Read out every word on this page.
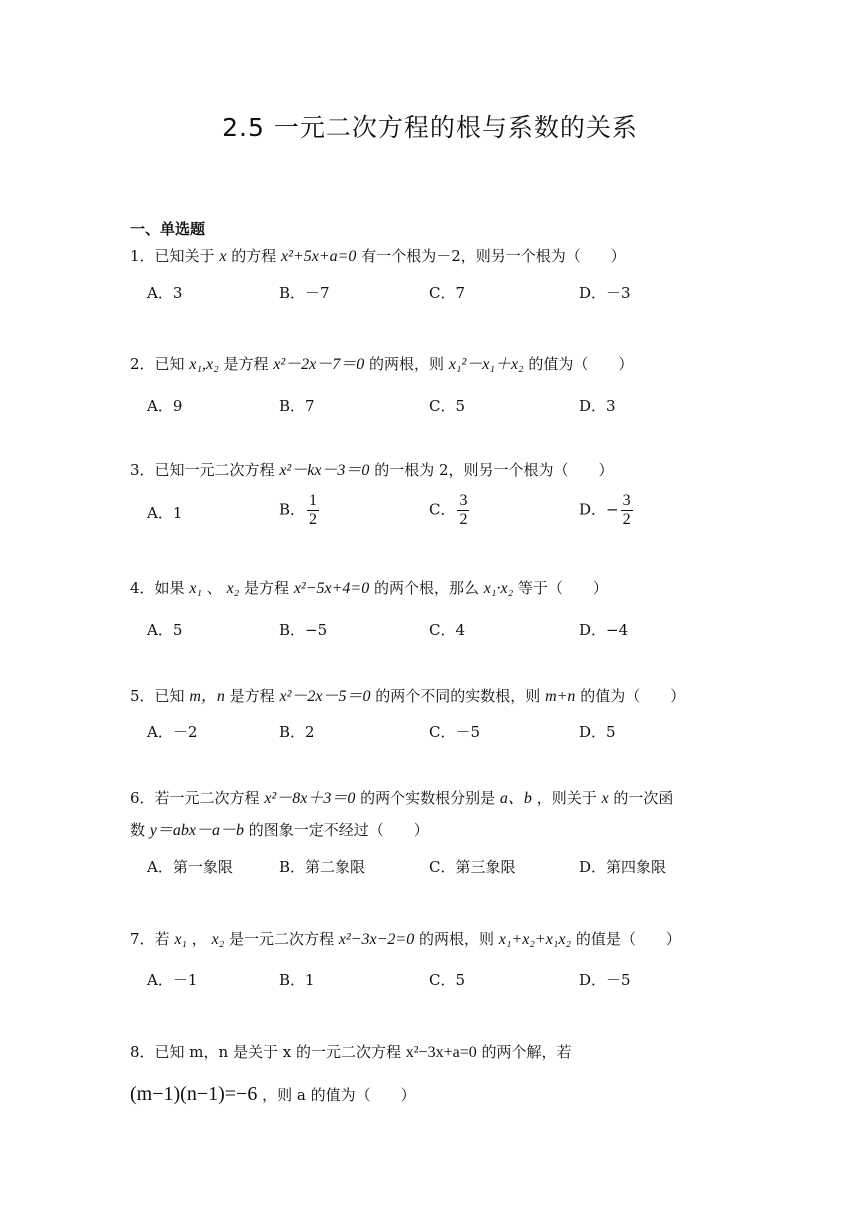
2.5 一元二次方程的根与系数的关系
一、单选题
1．已知关于 x 的方程 x²+5x+a=0 有一个根为－2，则另一个根为（　　）
A．3	B．－7	C．7	D．－3
2．已知 x₁,x₂ 是方程 x²－2x－7＝0 的两根，则 x₁²－x₁＋x₂ 的值为（　　）
A．9	B．7	C．5	D．3
3．已知一元二次方程 x²－kx－3＝0 的一根为 2，则另一个根为（　　）
A．1	B． $\frac{1}{2}$	C． $\frac{3}{2}$	D．− $\frac{3}{2}$
4．如果 x₁ 、 x₂ 是方程 x²−5x+4=0 的两个根，那么 x₁·x₂ 等于（　　）
A．5	B．−5	C．4	D．−4
5．已知 m，n 是方程 x²－2x－5＝0 的两个不同的实数根，则 m+n 的值为（　　）
A．－2	B．2	C．－5	D．5
6．若一元二次方程 x²－8x＋3＝0 的两个实数根分别是 a、b ，则关于 x 的一次函
数 y＝abx－a－b 的图象一定不经过（　　）
A．第一象限	B．第二象限	C．第三象限	D．第四象限
7．若 x₁ ， x₂ 是一元二次方程 x²−3x−2=0 的两根，则 x₁+x₂+x₁x₂ 的值是（　　）
A．－1	B．1	C．5	D．－5
8．已知 m，n 是关于 x 的一元二次方程 x²−3x+a=0 的两个解，若
(m−1)(n−1)=−6 ，则 a 的值为（　　）
